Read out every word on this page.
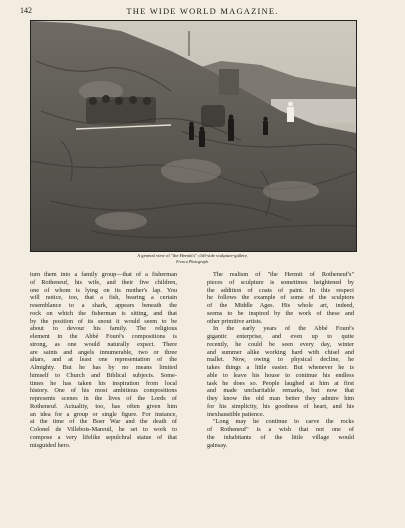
142	THE WIDE WORLD MAGAZINE.
A general view of "the Hermit's" cliff-side sculpture-gallery.
From a Photograph.
turn them into a family group—that of a fisherman
of Rotheneuf, his wife, and their five children,
one of whom is lying on its mother's lap. You
will notice, too, that a fish, bearing a certain
resemblance to a shark, appears beneath the
rock on which the fisherman is sitting, and that
by the position of its snout it would seem to be
about to devour his family. The religious
element in the Abbé Fouré's compositions is
strong, as one would naturally expect. There
are saints and angels innumerable, two or three
altars, and at least one representation of the
Almighty. But he has by no means limited
himself to Church and Biblical subjects. Some-
times he has taken his inspiration from local
history. One of his most ambitious compositions
represents scenes in the lives of the Lords of
Rotheneuf. Actuality, too, has often given him
an idea for a group or single figure. For instance,
at the time of the Boer War and the death of
Colonel de Villebois-Mareuil, he set to work to
compose a very lifelike sepulchral statue of that
misguided hero.
The realism of "the Hermit of Rotheneuf's"
pieces of sculpture is sometimes heightened by
the addition of coats of paint. In this respect
he follows the example of some of the sculptors
of the Middle Ages. His whole art, indeed,
seems to be inspired by the work of these and
other primitive artists.
In the early years of the Abbé Fouré's
gigantic enterprise, and even up to quite
recently, he could be seen every day, winter
and summer alike working hard with chisel and
mallet. Now, owing to physical decline, he
takes things a little easier. But whenever he is
able to leave his house to continue his endless
task he does so. People laughed at him at first
and made uncharitable remarks, but now that
they know the old man better they admire him
for his simplicity, his goodness of heart, and his
inexhaustible patience.
"Long may he continue to carve the rocks
of Rotheneuf" is a wish that not one of
the inhabitants of the little village would
gainsay.
